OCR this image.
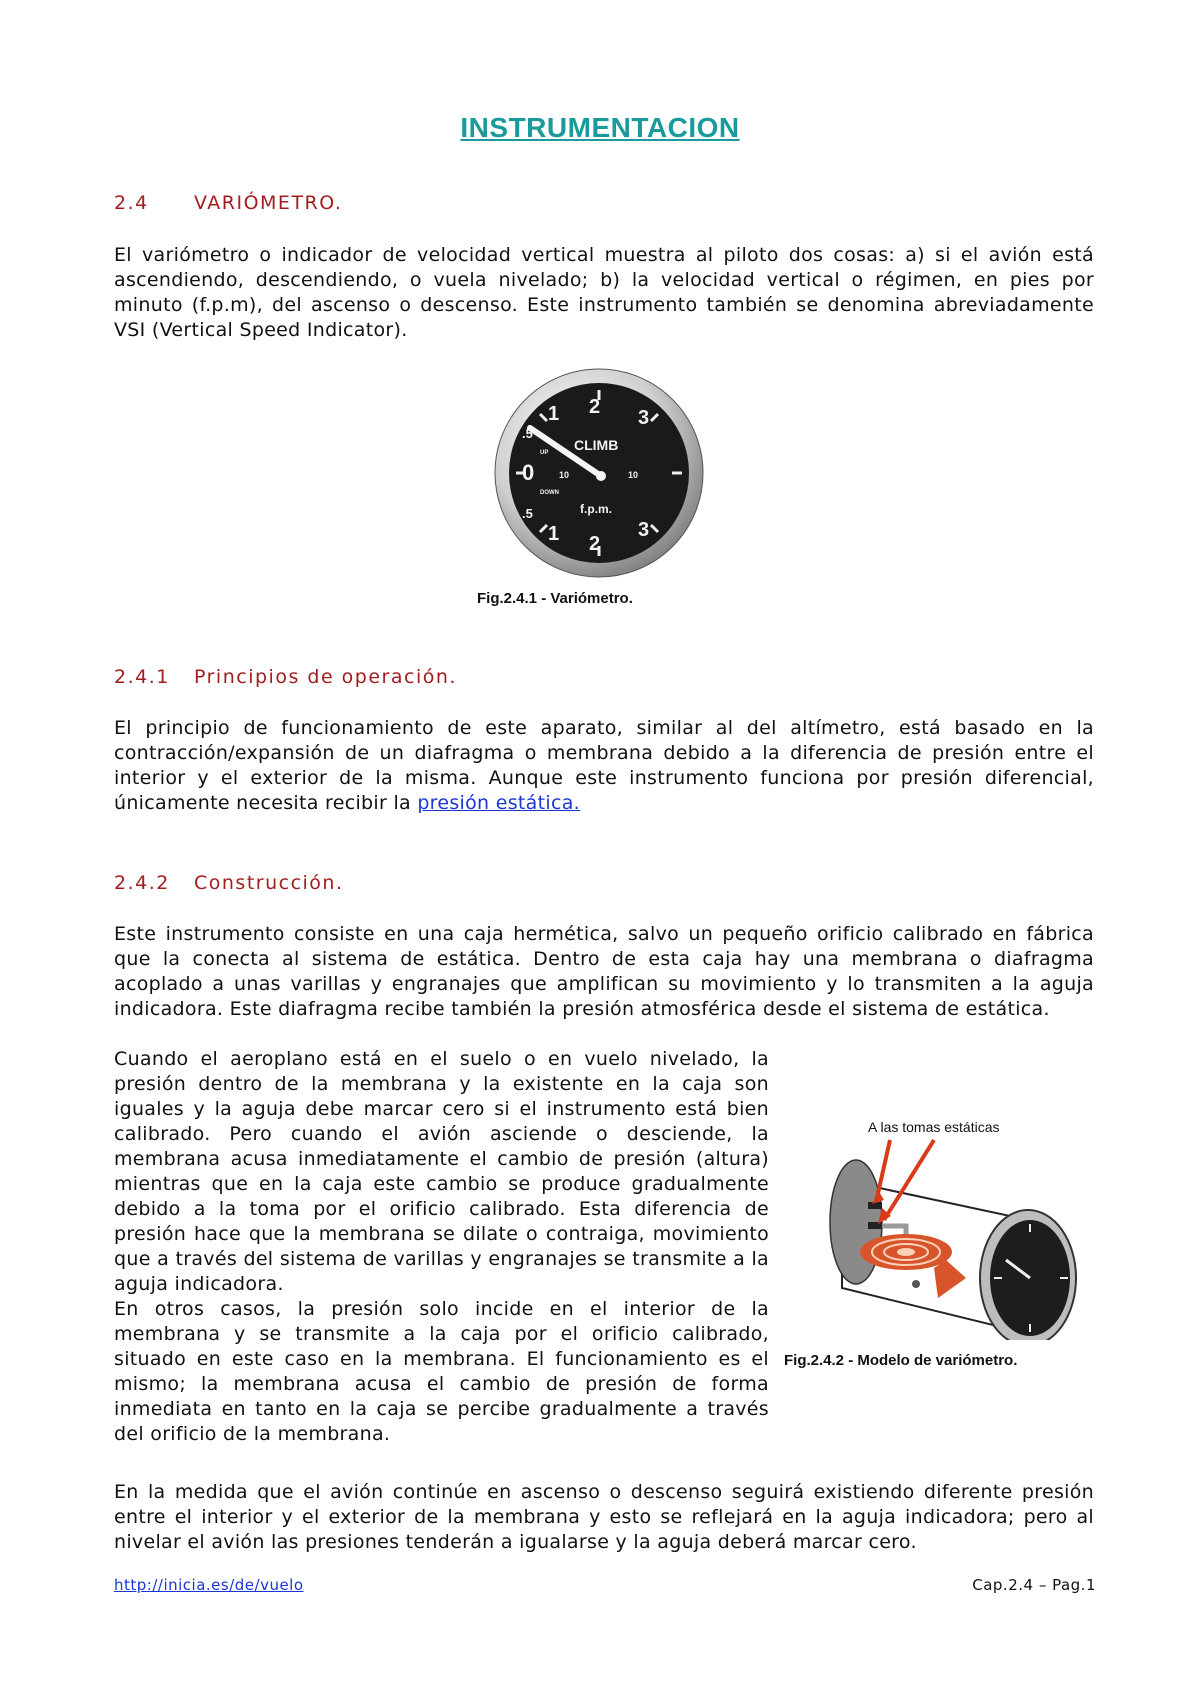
INSTRUMENTACION
2.4 VARIÓMETRO.
El variómetro o indicador de velocidad vertical muestra al piloto dos cosas: a) si el avión está ascendiendo, descendiendo, o vuela nivelado; b) la velocidad vertical o régimen, en pies por minuto (f.p.m), del ascenso o descenso. Este instrumento también se denomina abreviadamente VSI (Vertical Speed Indicator).
0
.5
.5
1 2 3
1 2
3
CLIMB
f.p.m.
UP
DOWN
10	10
Fig.2.4.1 - Variómetro.
2.4.1 Principios de operación.
El principio de funcionamiento de este aparato, similar al del altímetro, está basado en la contracción/expansión de un diafragma o membrana debido a la diferencia de presión entre el interior y el exterior de la misma. Aunque este instrumento funciona por presión diferencial, únicamente necesita recibir la presión estática.
2.4.2 Construcción.
Este instrumento consiste en una caja hermética, salvo un pequeño orificio calibrado en fábrica que la conecta al sistema de estática. Dentro de esta caja hay una membrana o diafragma acoplado a unas varillas y engranajes que amplifican su movimiento y lo transmiten a la aguja indicadora. Este diafragma recibe también la presión atmosférica desde el sistema de estática.
Cuando el aeroplano está en el suelo o en vuelo nivelado, la presión dentro de la membrana y la existente en la caja son iguales y la aguja debe marcar cero si el instrumento está bien calibrado. Pero cuando el avión asciende o desciende, la membrana acusa inmediatamente el cambio de presión (altura) mientras que en la caja este cambio se produce gradualmente debido a la toma por el orificio calibrado. Esta diferencia de presión hace que la membrana se dilate o contraiga, movimiento que a través del sistema de varillas y engranajes se transmite a la aguja indicadora.
En otros casos, la presión solo incide en el interior de la membrana y se transmite a la caja por el orificio calibrado, situado en este caso en la membrana. El funcionamiento es el mismo; la membrana acusa el cambio de presión de forma inmediata en tanto en la caja se percibe gradualmente a través del orificio de la membrana.
A las tomas estáticas
Fig.2.4.2 - Modelo de variómetro.
En la medida que el avión continúe en ascenso o descenso seguirá existiendo diferente presión entre el interior y el exterior de la membrana y esto se reflejará en la aguja indicadora; pero al nivelar el avión las presiones tenderán a igualarse y la aguja deberá marcar cero.
http://inicia.es/de/vuelo	Cap.2.4 – Pag.1
